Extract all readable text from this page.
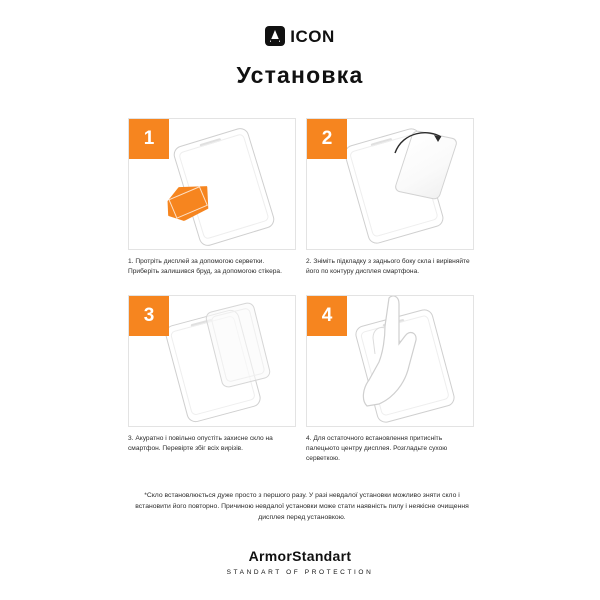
ICON
Установка
1
1. Протріть дисплей за допомогою серветки. Приберіть залишився бруд, за допомогою стікера.
2
2. Зніміть підкладку з заднього боку скла і вирівняйте його по контуру дисплея смартфона.
3
3. Акуратно і повільно опустіть захисне скло на смартфон. Перевірте збіг всіх вирізів.
4
4. Для остаточного встановлення притисніть палецьюто центру дисплея. Розгладьте сухою серветкою.
*Скло встановлюється дуже просто з першого разу. У разі невдалої установки можливо зняти скло і встановити його повторно. Причиною невдалої установки може стати наявність пилу і неякісне очищення дисплея перед установкою.
ArmorStandart
STANDART OF PROTECTION
